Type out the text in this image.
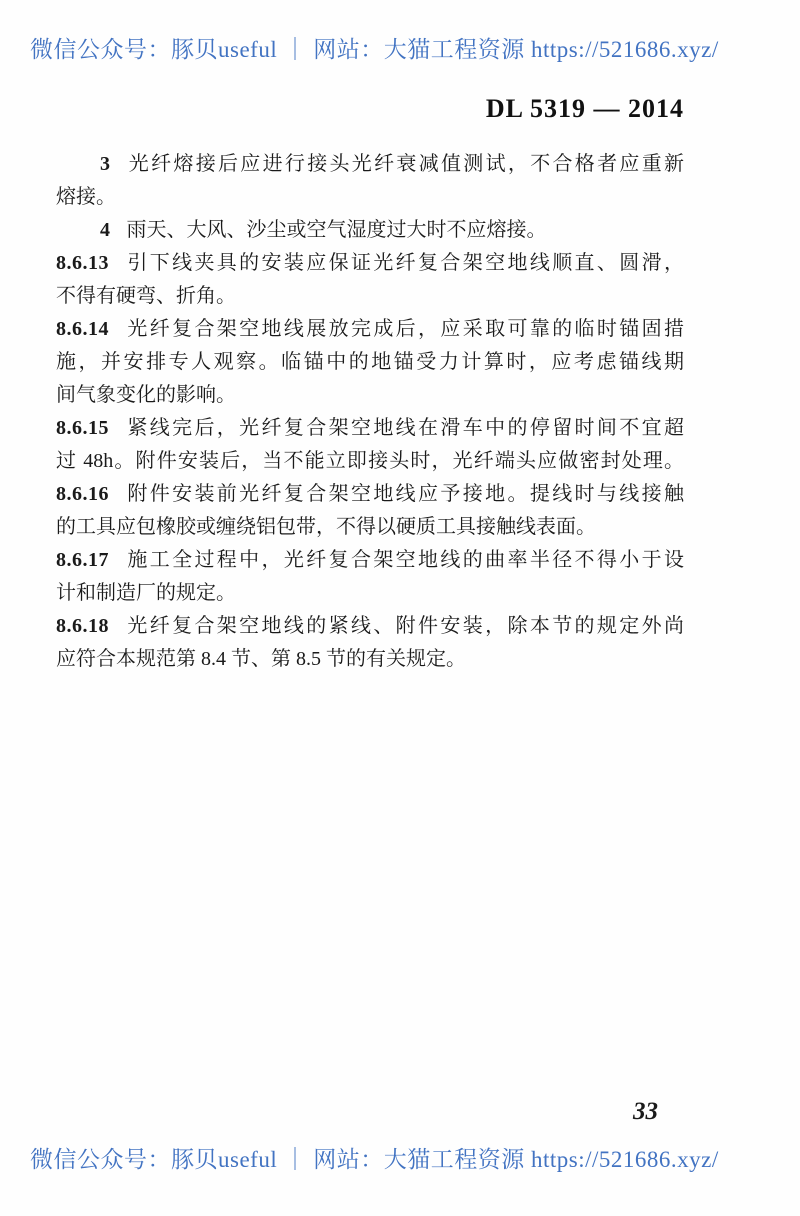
微信公众号：豚贝useful ｜ 网站：大猫工程资源 https://521686.xyz/
DL 5319 — 2014
3 光纤熔接后应进行接头光纤衰减值测试，不合格者应重新
熔接。
4 雨天、大风、沙尘或空气湿度过大时不应熔接。
8.6.13 引下线夹具的安装应保证光纤复合架空地线顺直、圆滑，
不得有硬弯、折角。
8.6.14 光纤复合架空地线展放完成后，应采取可靠的临时锚固措
施，并安排专人观察。临锚中的地锚受力计算时，应考虑锚线期
间气象变化的影响。
8.6.15 紧线完后，光纤复合架空地线在滑车中的停留时间不宜超
过 48h。附件安装后，当不能立即接头时，光纤端头应做密封处理。
8.6.16 附件安装前光纤复合架空地线应予接地。提线时与线接触
的工具应包橡胶或缠绕铝包带，不得以硬质工具接触线表面。
8.6.17 施工全过程中，光纤复合架空地线的曲率半径不得小于设
计和制造厂的规定。
8.6.18 光纤复合架空地线的紧线、附件安装，除本节的规定外尚
应符合本规范第 8.4 节、第 8.5 节的有关规定。
33
微信公众号：豚贝useful ｜ 网站：大猫工程资源 https://521686.xyz/
